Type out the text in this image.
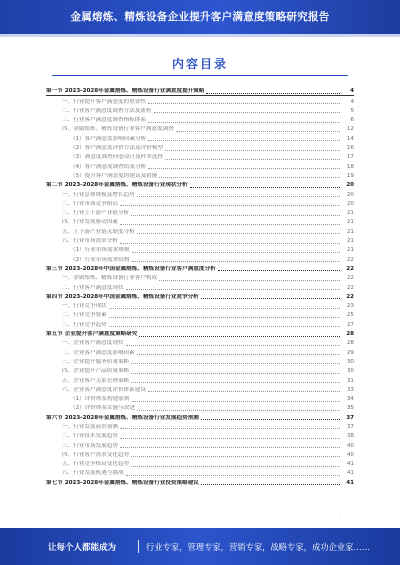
金属熔炼、精炼设备企业提升客户满意度策略研究报告
内容目录
第一节 2023-2028年金属熔炼、精炼设备行业满意度提升策略	4
一、行业提升客户满意度的重要性	4
二、行业客户满意度调查方法及流程	5
三、行业客户满意度调查指标体系	6
四、金属熔炼、精炼设备行业客户满意度调查	12
（1）客户满意度影响因素分析	14
（2）客户满意度评价方法及评价模型	16
（3）满意度调查问卷设计及样本选择	17
（4）客户满意度调查结果分析	18
（5）提升客户满意度的建议及措施	19
第二节 2023-2028年金属熔炼、精炼设备行业现状分析	20
一、行业总体规模及增长趋势	20
二、行业市场竞争格局	20
三、行业上下游产业链分析	21
四、行业发展驱动因素	21
五、上下游产业链关联度分析	21
六、行业市场需求分析	21
（1）行业市场需求规模	21
（2）行业市场需求结构	22
第三节 2023-2028年中国金属熔炼、精炼设备行业客户满意度分析	22
一、金属熔炼、精炼设备行业客户构成	22
二、行业客户满意度现状	22
第四节 2023-2028年中国金属熔炼、精炼设备行业竞争分析	22
一、行业竞争现状	23
二、行业竞争要素	25
三、行业竞争趋势	27
第五节 企业提升客户满意度策略研究	28
一、企业客户满意度现状	28
二、企业客户满意度影响因素	29
三、企业提升服务质量策略	30
四、企业提升产品质量策略	30
五、企业客户关系管理策略	31
六、企业客户满意度评价体系建设	33
（1）评价体系构建原则	34
（2）评价体系实施与改进	35
第六节 2023-2028年金属熔炼、精炼设备行业发展趋势预测	37
一、行业发展前景预测	37
二、行业技术发展趋势	38
三、行业市场发展趋势	40
四、行业客户需求变化趋势	40
五、行业竞争格局变化趋势	41
六、行业发展机遇与挑战	41
第七节 2023-2028年金属熔炼、精炼设备行业投资策略建议	41
·
让每个人都能成为	行业专家，管理专家，营销专家，战略专家，成功企业家……
